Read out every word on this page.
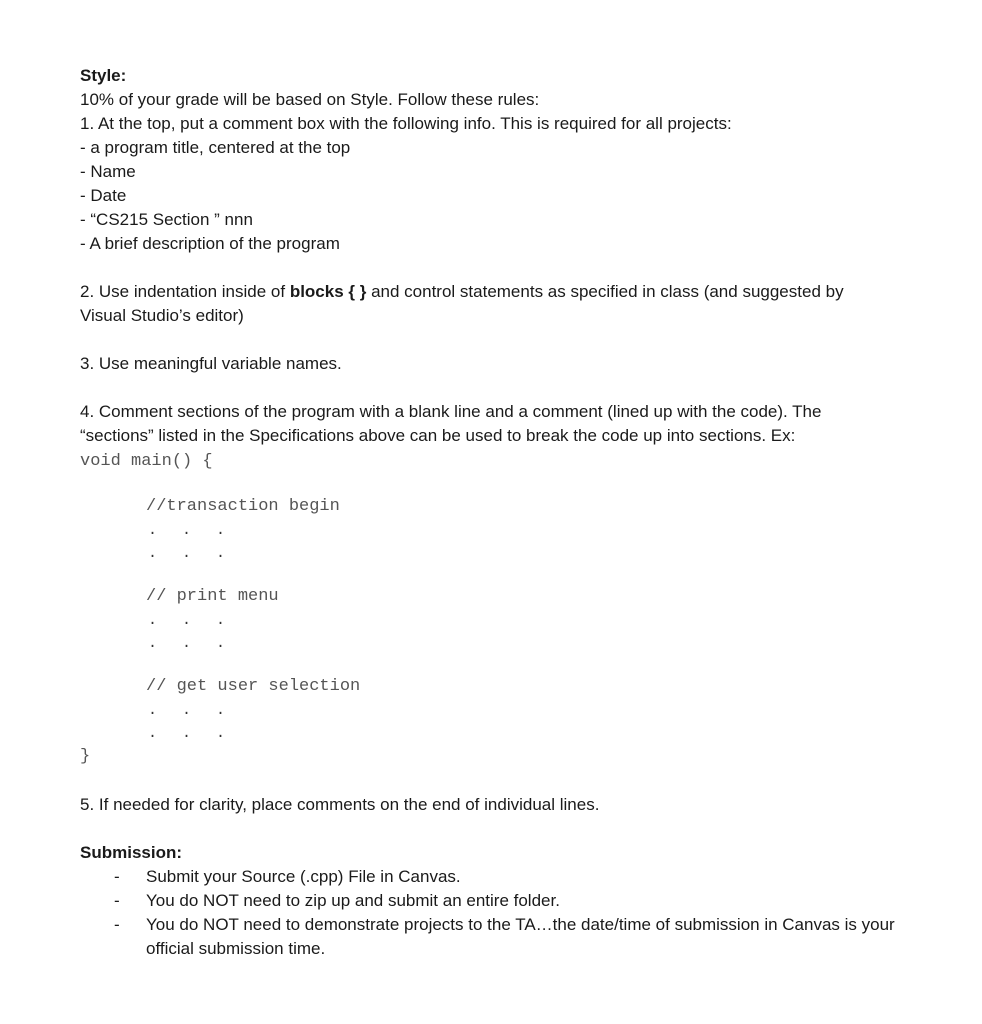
Style:
10% of your grade will be based on Style. Follow these rules:
1. At the top, put a comment box with the following info. This is required for all projects:
- a program title, centered at the top
- Name
- Date
- “CS215 Section ” nnn
- A brief description of the program
2. Use indentation inside of blocks { } and control statements as specified in class (and suggested by
Visual Studio’s editor)
3. Use meaningful variable names.
4. Comment sections of the program with a blank line and a comment (lined up with the code). The
“sections” listed in the Specifications above can be used to break the code up into sections. Ex:
void main() {
//transaction begin
. . .
. . .
// print menu
. . .
. . .
// get user selection
. . .
. . .
}
5. If needed for clarity, place comments on the end of individual lines.
Submission:
- Submit your Source (.cpp) File in Canvas.
- You do NOT need to zip up and submit an entire folder.
- You do NOT need to demonstrate projects to the TA…the date/time of submission in Canvas is your official submission time.
